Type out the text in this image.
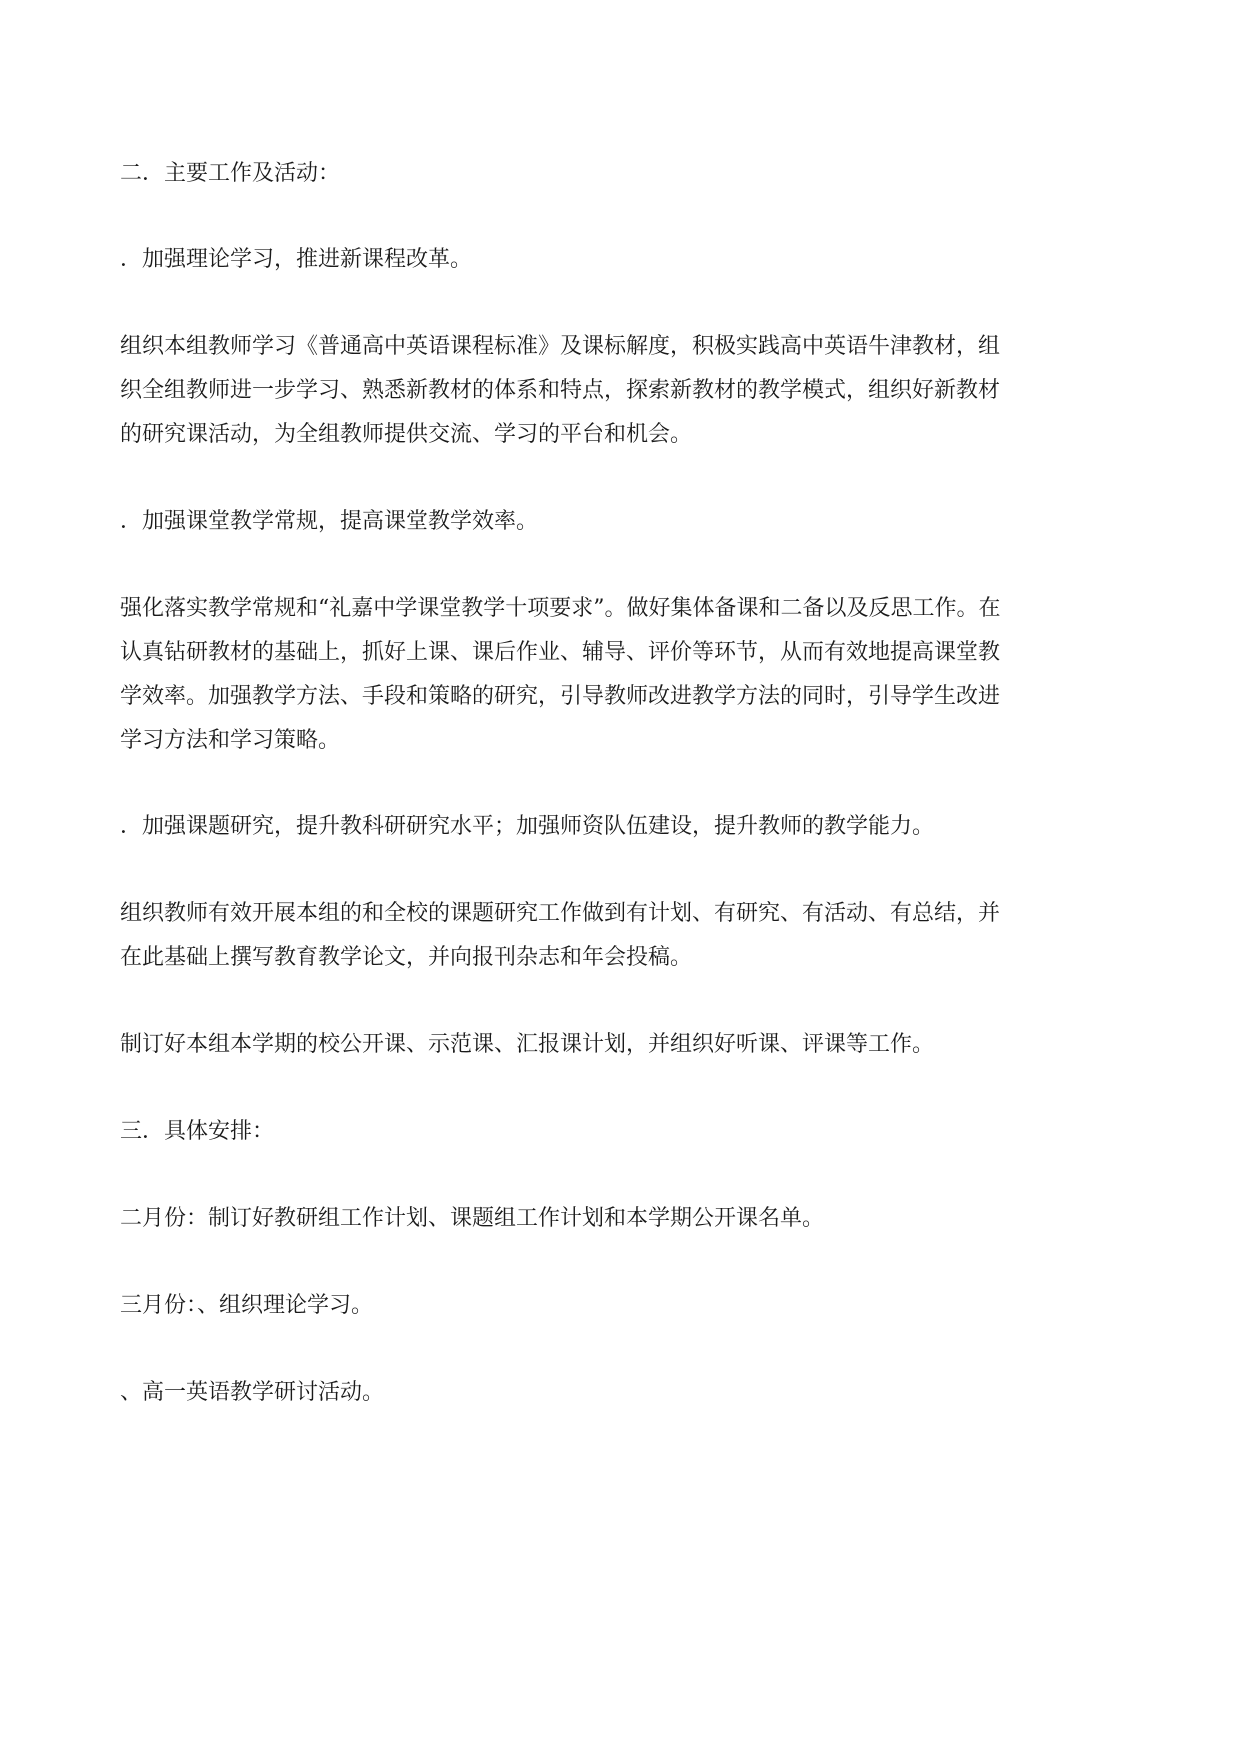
二．主要工作及活动：
．加强理论学习，推进新课程改革。
组织本组教师学习《普通高中英语课程标准》及课标解度，积极实践高中英语牛津教材，组
织全组教师进一步学习、熟悉新教材的体系和特点，探索新教材的教学模式，组织好新教材
的研究课活动，为全组教师提供交流、学习的平台和机会。
．加强课堂教学常规，提高课堂教学效率。
强化落实教学常规和“礼嘉中学课堂教学十项要求”。做好集体备课和二备以及反思工作。在
认真钻研教材的基础上，抓好上课、课后作业、辅导、评价等环节，从而有效地提高课堂教
学效率。加强教学方法、手段和策略的研究，引导教师改进教学方法的同时，引导学生改进
学习方法和学习策略。
．加强课题研究，提升教科研研究水平；加强师资队伍建设，提升教师的教学能力。
组织教师有效开展本组的和全校的课题研究工作做到有计划、有研究、有活动、有总结，并
在此基础上撰写教育教学论文，并向报刊杂志和年会投稿。
制订好本组本学期的校公开课、示范课、汇报课计划，并组织好听课、评课等工作。
三．具体安排：
二月份：制订好教研组工作计划、课题组工作计划和本学期公开课名单。
三月份：、组织理论学习。
、高一英语教学研讨活动。
